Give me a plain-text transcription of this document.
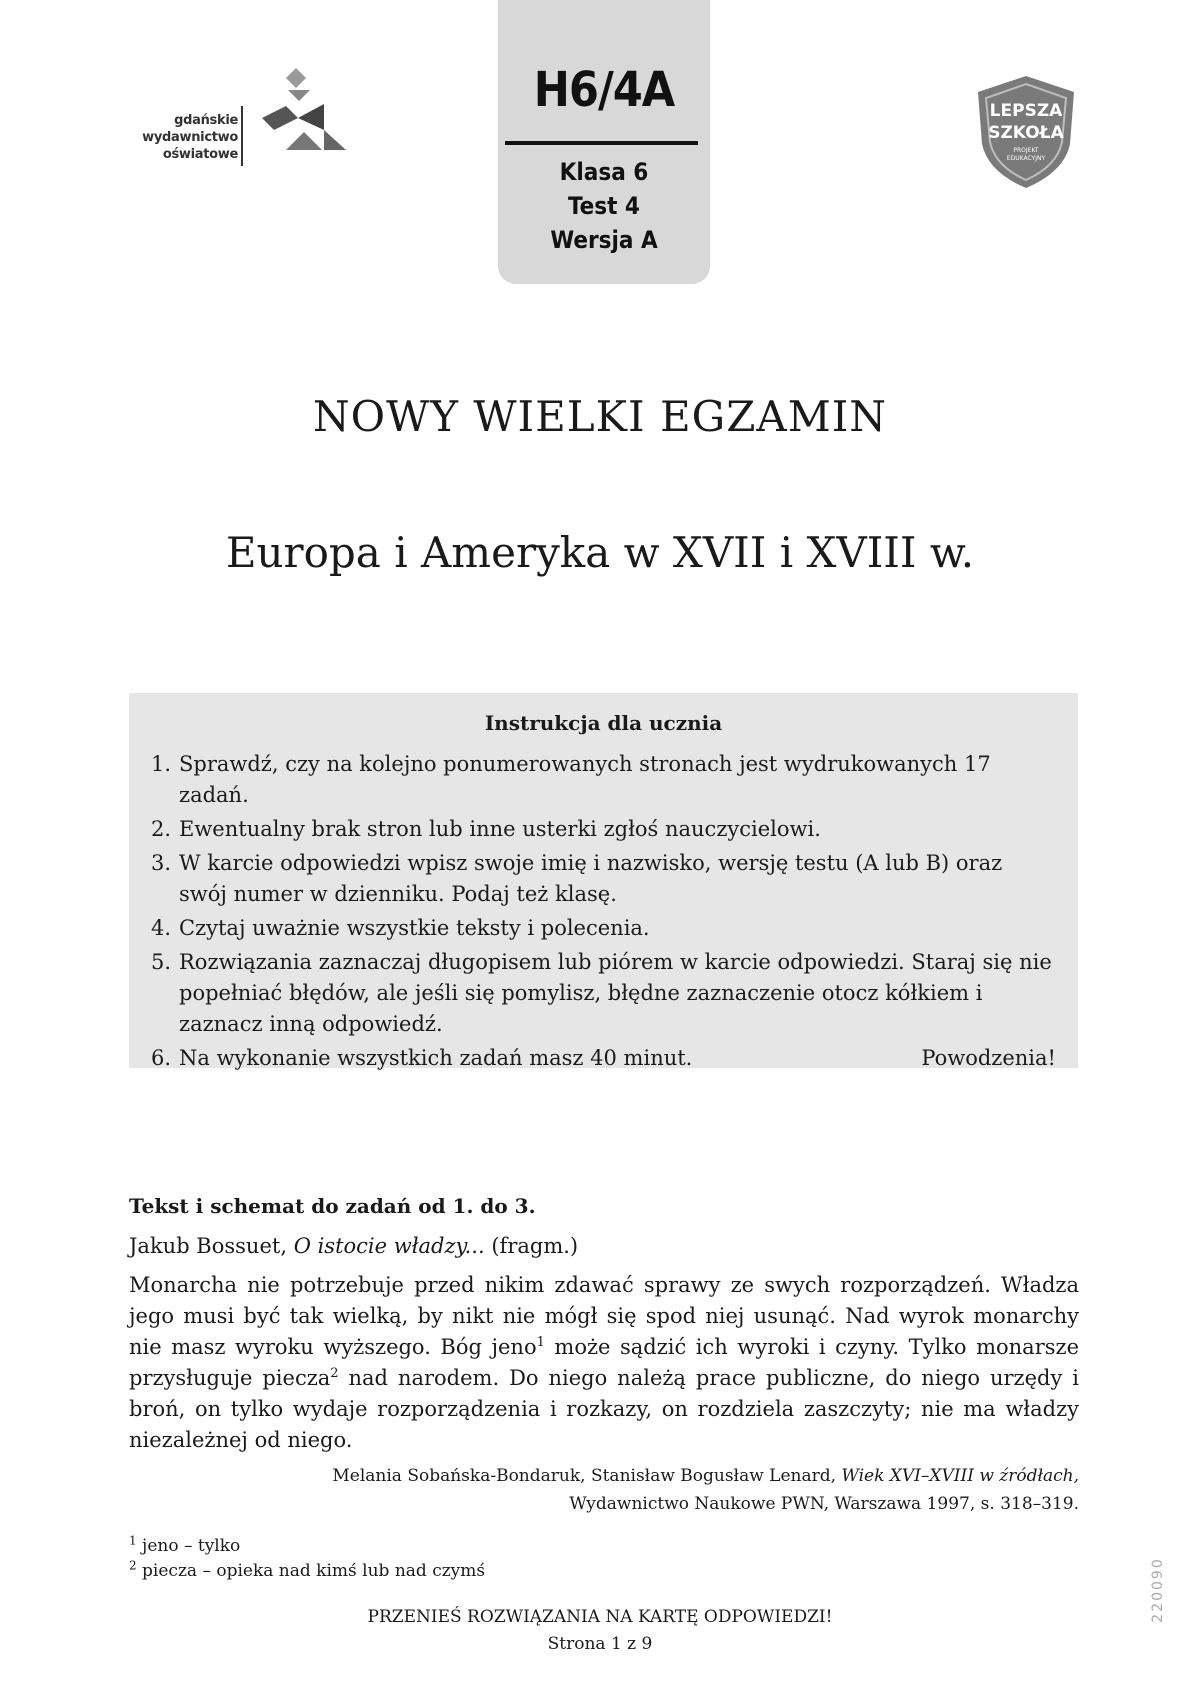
gdańskie
wydawnictwo
oświatowe
H6/4A
Klasa 6
Test 4
Wersja A
LEPSZA
SZKOŁA
PROJEKT
EDUKACYJNY
NOWY WIELKI EGZAMIN
Europa i Ameryka w XVII i XVIII w.
Instrukcja dla ucznia
1. Sprawdź, czy na kolejno ponumerowanych stronach jest wydrukowanych 17 zadań.
2. Ewentualny brak stron lub inne usterki zgłoś nauczycielowi.
3. W karcie odpowiedzi wpisz swoje imię i nazwisko, wersję testu (A lub B) oraz swój numer w dzienniku. Podaj też klasę.
4. Czytaj uważnie wszystkie teksty i polecenia.
5. Rozwiązania zaznaczaj długopisem lub piórem w karcie odpowiedzi. Staraj się nie popełniać błędów, ale jeśli się pomylisz, błędne zaznaczenie otocz kółkiem i zaznacz inną odpowiedź.
6. Na wykonanie wszystkich zadań masz 40 minut.	Powodzenia!
Tekst i schemat do zadań od 1. do 3.
Jakub Bossuet, O istocie władzy... (fragm.)

Monarcha nie potrzebuje przed nikim zdawać sprawy ze swych rozporządzeń. Władza jego musi być tak wielką, by nikt nie mógł się spod niej usunąć. Nad wyrok monarchy nie masz wyroku wyższego. Bóg jeno$^1$ może sądzić ich wyroki i czyny. Tylko monarsze przysługuje piecza$^2$ nad narodem. Do niego należą prace publiczne, do niego urzędy i broń, on tylko wydaje rozporządzenia i rozkazy, on rozdziela zaszczyty; nie ma władzy niezależnej od niego.

Melania Sobańska-Bondaruk, Stanisław Bogusław Lenard, Wiek XVI–XVIII w źródłach,
Wydawnictwo Naukowe PWN, Warszawa 1997, s. 318–319.
$^1$ jeno – tylko
$^2$ piecza – opieka nad kimś lub nad czymś
PRZENIEŚ ROZWIĄZANIA NA KARTĘ ODPOWIEDZI!
Strona 1 z 9
220090
